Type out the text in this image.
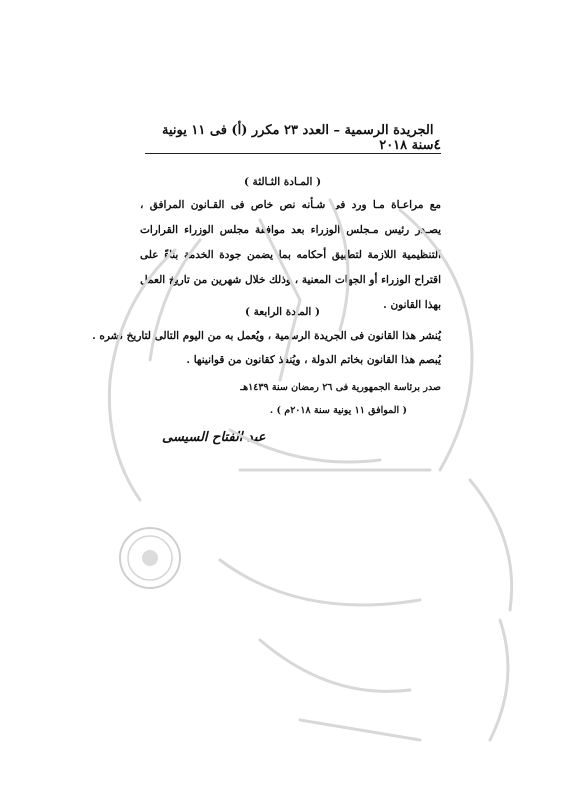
٤
الجريدة الرسمية – العدد ٢٣ مكرر (أ) فى ١١ يونية سنة ٢٠١٨
( المـادة الثـالثة )
مع مراعـاة مـا ورد فى شـأنه نص خاص فى القـانون المرافق ، يصـدر رئيس مـجلس الوزراء بعد موافقة مجلس الوزراء القرارات التنظيمية اللازمة لتطبيق أحكامه بما يضمن جودة الخدمة بناءً على اقتراح الوزراء أو الجهات المعنية ، وذلك خلال شهرين من تاريخ العمل بهذا القانون .
( المادة الرابعة )
يُنشر هذا القانون فى الجريدة الرسمية ، ويُعمل به من اليوم التالى لتاريخ نشره .
يُبصم هذا القانون بخاتم الدولة ، ويُنفذ كقانون من قوانينها .
صدر برئاسة الجمهورية فى ٢٦ رمضان سنة ١٤٣٩هـ
( الموافق ١١ يونية سنة ٢٠١٨م ) .
عبد الفتاح السيسى
